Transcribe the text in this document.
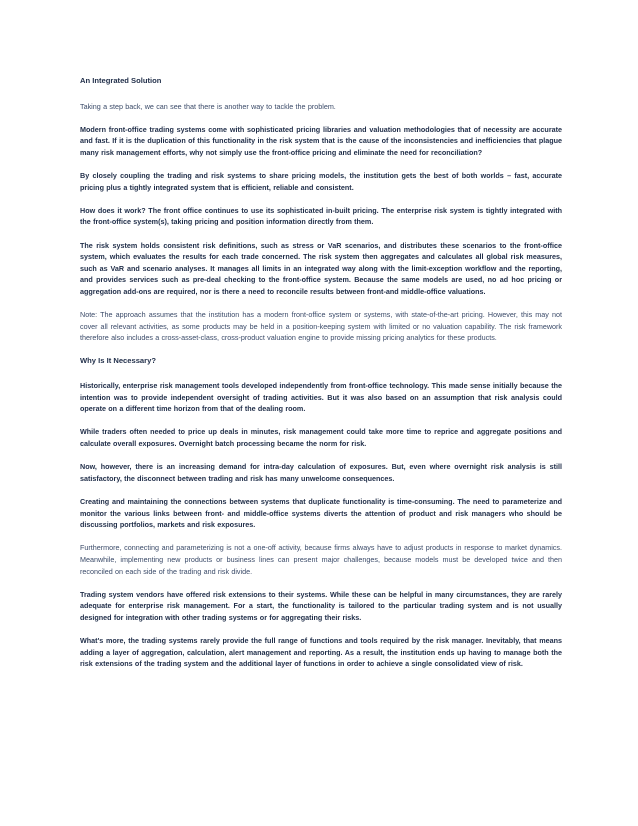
An Integrated Solution

Taking a step back, we can see that there is another way to tackle the problem.

Modern front-office trading systems come with sophisticated pricing libraries and valuation methodologies that of necessity are accurate and fast. If it is the duplication of this functionality in the risk system that is the cause of the inconsistencies and inefficiencies that plague many risk management efforts, why not simply use the front-office pricing and eliminate the need for reconciliation?

By closely coupling the trading and risk systems to share pricing models, the institution gets the best of both worlds – fast, accurate pricing plus a tightly integrated system that is efficient, reliable and consistent.

How does it work? The front office continues to use its sophisticated in-built pricing. The enterprise risk system is tightly integrated with the front-office system(s), taking pricing and position information directly from them.

The risk system holds consistent risk definitions, such as stress or VaR scenarios, and distributes these scenarios to the front-office system, which evaluates the results for each trade concerned. The risk system then aggregates and calculates all global risk measures, such as VaR and scenario analyses. It manages all limits in an integrated way along with the limit-exception workflow and the reporting, and provides services such as pre-deal checking to the front-office system. Because the same models are used, no ad hoc pricing or aggregation add-ons are required, nor is there a need to reconcile results between front-and middle-office valuations.

Note: The approach assumes that the institution has a modern front-office system or systems, with state-of-the-art pricing. However, this may not cover all relevant activities, as some products may be held in a position-keeping system with limited or no valuation capability. The risk framework therefore also includes a cross-asset-class, cross-product valuation engine to provide missing pricing analytics for these products.

Why Is It Necessary?

Historically, enterprise risk management tools developed independently from front-office technology. This made sense initially because the intention was to provide independent oversight of trading activities. But it was also based on an assumption that risk analysis could operate on a different time horizon from that of the dealing room.

While traders often needed to price up deals in minutes, risk management could take more time to reprice and aggregate positions and calculate overall exposures. Overnight batch processing became the norm for risk.

Now, however, there is an increasing demand for intra-day calculation of exposures. But, even where overnight risk analysis is still satisfactory, the disconnect between trading and risk has many unwelcome consequences.

Creating and maintaining the connections between systems that duplicate functionality is time-consuming. The need to parameterize and monitor the various links between front- and middle-office systems diverts the attention of product and risk managers who should be discussing portfolios, markets and risk exposures.

Furthermore, connecting and parameterizing is not a one-off activity, because firms always have to adjust products in response to market dynamics. Meanwhile, implementing new products or business lines can present major challenges, because models must be developed twice and then reconciled on each side of the trading and risk divide.

Trading system vendors have offered risk extensions to their systems. While these can be helpful in many circumstances, they are rarely adequate for enterprise risk management. For a start, the functionality is tailored to the particular trading system and is not usually designed for integration with other trading systems or for aggregating their risks.

What's more, the trading systems rarely provide the full range of functions and tools required by the risk manager. Inevitably, that means adding a layer of aggregation, calculation, alert management and reporting. As a result, the institution ends up having to manage both the risk extensions of the trading system and the additional layer of functions in order to achieve a single consolidated view of risk.
